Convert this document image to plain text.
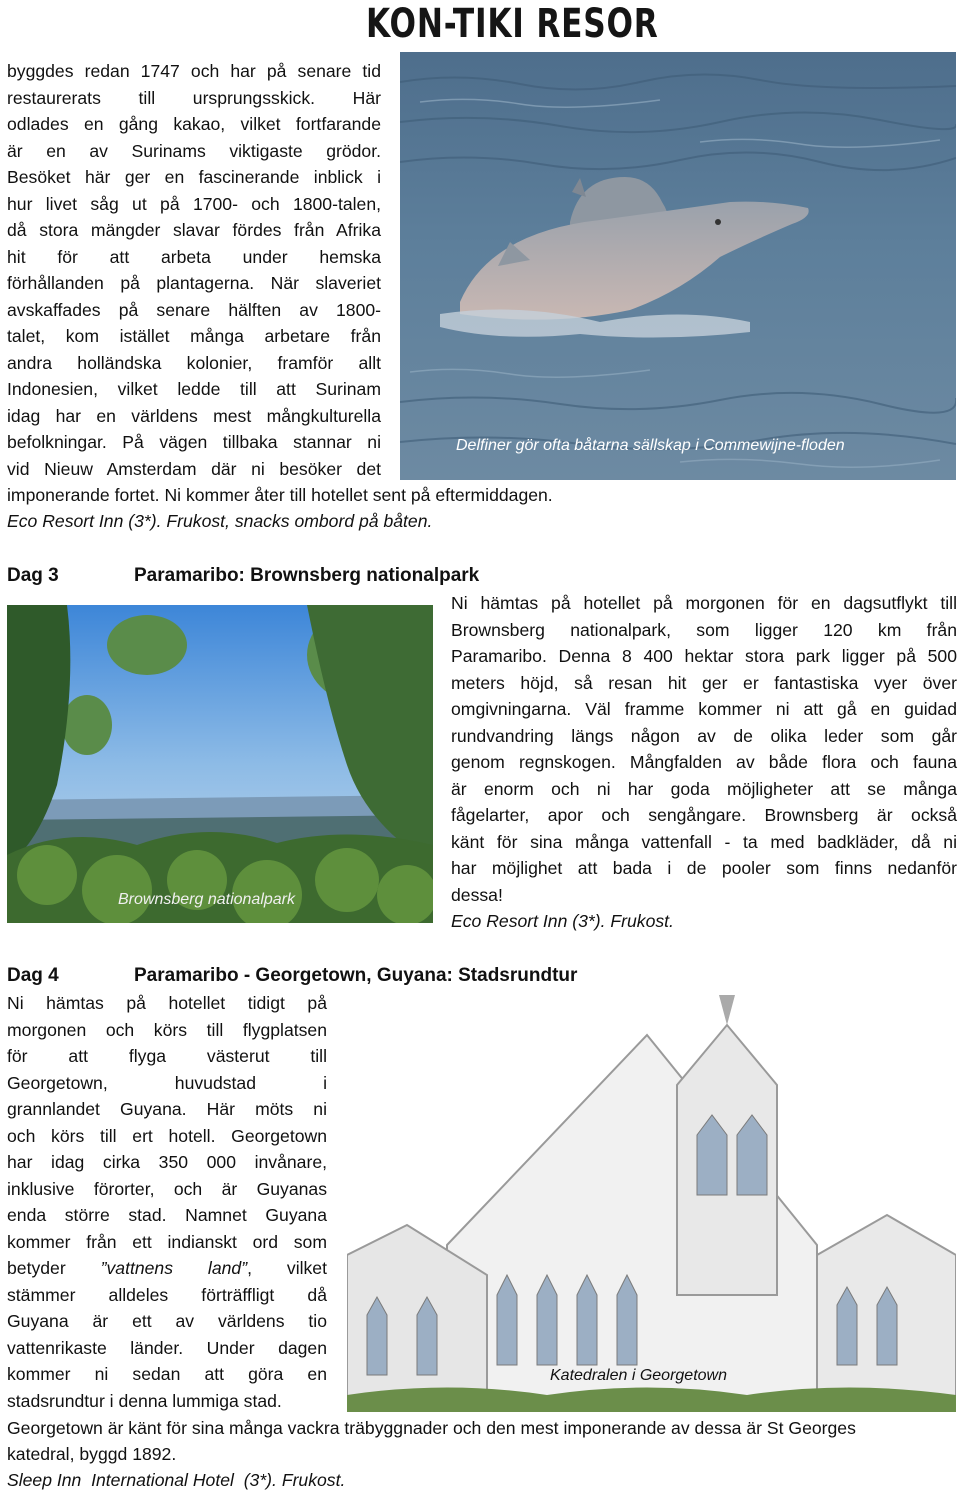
KON-TIKI RESOR

Delfiner gör ofta båtarna sällskap i Commewijne-floden

byggdes redan 1747 och har på senare tid

restaurerats till ursprungsskick. Här

odlades en gång kakao, vilket fortfarande

är en av Surinams viktigaste grödor.

Besöket här ger en fascinerande inblick i

hur livet såg ut på 1700- och 1800-talen,

då stora mängder slavar fördes från Afrika

hit för att arbeta under hemska

förhållanden på plantagerna. När slaveriet

avskaffades på senare hälften av 1800-

talet, kom istället många arbetare från

andra holländska kolonier, framför allt

Indonesien, vilket ledde till att Surinam

idag har en världens mest mångkulturella

befolkningar. På vägen tillbaka stannar ni

vid Nieuw Amsterdam där ni besöker det

imponerande fortet. Ni kommer åter till hotellet sent på eftermiddagen.

Eco Resort Inn (3*). Frukost, snacks ombord på båten.

Dag 3	Paramaribo: Brownsberg nationalpark

Brownsberg nationalpark

Ni hämtas på hotellet på morgonen för en dagsutflykt till

Brownsberg nationalpark, som ligger 120 km från

Paramaribo. Denna 8 400 hektar stora park ligger på 500

meters höjd, så resan hit ger er fantastiska vyer över

omgivningarna. Väl framme kommer ni att gå en guidad

rundvandring längs någon av de olika leder som går

genom regnskogen. Mångfalden av både flora och fauna

är enorm och ni har goda möjligheter att se många

fågelarter, apor och sengångare. Brownsberg är också

känt för sina många vattenfall - ta med badkläder, då ni

har möjlighet att bada i de pooler som finns nedanför

dessa!

Eco Resort Inn (3*). Frukost.

Dag 4	Paramaribo - Georgetown, Guyana: Stadsrundtur

Ni hämtas på hotellet tidigt på

morgonen och körs till flygplatsen

för att flyga västerut till

Georgetown, huvudstad i

grannlandet Guyana. Här möts ni

och körs till ert hotell. Georgetown

har idag cirka 350 000 invånare,

inklusive förorter, och är Guyanas

enda större stad. Namnet Guyana

kommer från ett indianskt ord som

betyder ”vattnens land”, vilket

stämmer alldeles förträffligt då

Guyana är ett av världens tio

vattenrikaste länder. Under dagen

kommer ni sedan att göra en

stadsrundtur i denna lummiga stad.

Katedralen i Georgetown

Georgetown är känt för sina många vackra träbyggnader och den mest imponerande av dessa är St Georges

katedral, byggd 1892.

Sleep Inn  International Hotel  (3*). Frukost.
